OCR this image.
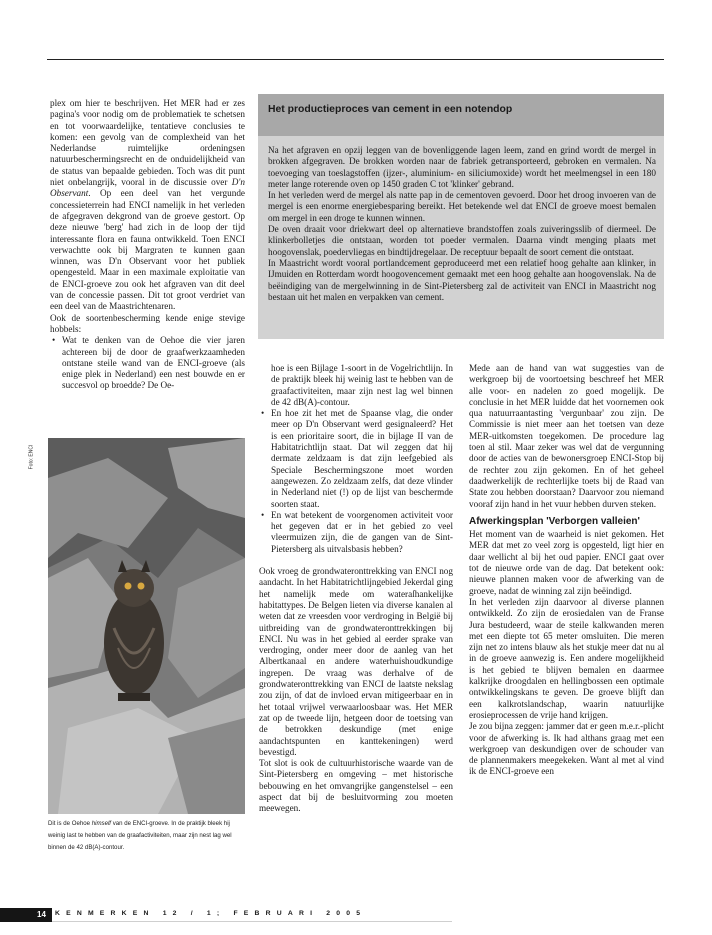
plex om hier te beschrijven. Het MER had er zes pagina's voor nodig om de problematiek te schetsen en tot voorwaardelijke, tentatieve conclusies te komen: een gevolg van de complexheid van het Nederlandse ruimtelijke ordeningsen natuurbeschermingsrecht en de onduidelijkheid van de status van bepaalde gebieden. Toch was dit punt niet onbelangrijk, vooral in de discussie over D'n Observant. Op een deel van het vergunde concessieterrein had ENCI namelijk in het verleden de afgegraven dekgrond van de groeve gestort. Op deze nieuwe 'berg' had zich in de loop der tijd interessante flora en fauna ontwikkeld. Toen ENCI verwachtte ook bij Margraten te kunnen gaan winnen, was D'n Observant voor het publiek opengesteld. Maar in een maximale exploitatie van de ENCI-groeve zou ook het afgraven van dit deel van de concessie passen. Dit tot groot verdriet van een deel van de Maastrichtenaren.

Ook de soortenbescherming kende enige stevige hobbels:

• Wat te denken van de Oehoe die vier jaren achtereen bij de door de graafwerkzaamheden ontstane steile wand van de ENCI-groeve (als enige plek in Nederland) een nest bouwde en er succesvol op broedde? De Oe-
Het productieproces van cement in een notendop

Na het afgraven en opzij leggen van de bovenliggende lagen leem, zand en grind wordt de mergel in brokken afgegraven. De brokken worden naar de fabriek getransporteerd, gebroken en vermalen. Na toevoeging van toeslagstoffen (ijzer-, aluminium- en siliciumoxide) wordt het meelmengsel in een 180 meter lange roterende oven op 1450 graden C tot 'klinker' gebrand.

In het verleden werd de mergel als natte pap in de cementoven gevoerd. Door het droog invoeren van de mergel is een enorme energiebesparing bereikt. Het betekende wel dat ENCI de groeve moest bemalen om mergel in een droge te kunnen winnen.

De oven draait voor driekwart deel op alternatieve brandstoffen zoals zuiveringsslib of diermeel. De klinkerbolletjes die ontstaan, worden tot poeder vermalen. Daarna vindt menging plaats met hoogovenslak, poedervliegas en bindtijdregelaar. De receptuur bepaalt de soort cement die ontstaat.

In Maastricht wordt vooral portlandcement geproduceerd met een relatief hoog gehalte aan klinker, in IJmuiden en Rotterdam wordt hoogovencement gemaakt met een hoog gehalte aan hoogovenslak. Na de beëindiging van de mergelwinning in de Sint-Pietersberg zal de activiteit van ENCI in Maastricht nog bestaan uit het malen en verpakken van cement.

Foto: ENCI
Dit is de Oehoe himself van de ENCI-groeve. In de praktijk bleek hij weinig last te hebben van de graafactiviteiten, maar zijn nest lag wel binnen de 42 dB(A)-contour.

hoe is een Bijlage 1-soort in de Vogelrichtlijn. In de praktijk bleek hij weinig last te hebben van de graafactiviteiten, maar zijn nest lag wel binnen de 42 dB(A)-contour.

• En hoe zit het met de Spaanse vlag, die onder meer op D'n Observant werd gesignaleerd? Het is een prioritaire soort, die in bijlage II van de Habitatrichtlijn staat. Dat wil zeggen dat hij dermate zeldzaam is dat zijn leefgebied als Speciale Beschermingszone moet worden aangewezen. Zo zeldzaam zelfs, dat deze vlinder in Nederland niet (!) op de lijst van beschermde soorten staat.
• En wat betekent de voorgenomen activiteit voor het gegeven dat er in het gebied zo veel vleermuizen zijn, die de gangen van de Sint-Pietersberg als uitvalsbasis hebben?

Ook vroeg de grondwateronttrekking van ENCI nog aandacht. In het Habitatrichtlijngebied Jekerdal ging het namelijk mede om wateraſhankelijke habitattypes. De Belgen lieten via diverse kanalen al weten dat ze vreesden voor verdroging in België bij uitbreiding van de grondwateronttrekkingen bij ENCI. Nu was in het gebied al eerder sprake van verdroging, onder meer door de aanleg van het Albertkanaal en andere waterhuishoudkundige ingrepen. De vraag was derhalve of de grondwateronttrekking van ENCI de laatste nekslag zou zijn, of dat de invloed ervan mitigeerbaar en in het totaal vrijwel verwaarloosbaar was. Het MER zat op de tweede lijn, hetgeen door de toetsing van de betrokken deskundige (met enige aandachtspunten en kanttekeningen) werd bevestigd.

Tot slot is ook de cultuurhistorische waarde van de Sint-Pietersberg en omgeving – met historische bebouwing en het omvangrijke gangenstelsel – een aspect dat bij de besluitvorming zou moeten meewegen.

Mede aan de hand van wat suggesties van de werkgroep bij de voortoetsing beschreef het MER alle voor- en nadelen zo goed mogelijk. De conclusie in het MER luidde dat het voornemen ook qua natuurraantasting 'vergunbaar' zou zijn. De Commissie is niet meer aan het toetsen van deze MER-uitkomsten toegekomen. De procedure lag toen al stil. Maar zeker was wel dat de vergunning door de acties van de bewonersgroep ENCI-Stop bij de rechter zou zijn gekomen. En of het geheel daadwerkelijk de rechterlijke toets bij de Raad van State zou hebben doorstaan? Daarvoor zou niemand vooraf zijn hand in het vuur hebben durven steken.

Afwerkingsplan 'Verborgen valleien'

Het moment van de waarheid is niet gekomen. Het MER dat met zo veel zorg is opgesteld, ligt hier en daar wellicht al bij het oud papier. ENCI gaat over tot de nieuwe orde van de dag. Dat betekent ook: nieuwe plannen maken voor de afwerking van de groeve, nadat de winning zal zijn beëindigd.

In het verleden zijn daarvoor al diverse plannen ontwikkeld. Zo zijn de erosiedalen van de Franse Jura bestudeerd, waar de steile kalkwanden meren met een diepte tot 65 meter omsluiten. Die meren zijn net zo intens blauw als het stukje meer dat nu al in de groeve aanwezig is. Een andere mogelijkheid is het gebied te blijven bemalen en daarmee kalkrijke droogdalen en hellingbossen een optimale ontwikkelingskans te geven. De groeve blijft dan een kalkrotslandschap, waarin natuurlijke erosieprocessen de vrije hand krijgen.

Je zou bijna zeggen: jammer dat er geen m.e.r.-plicht voor de afwerking is. Ik had althans graag met een werkgroep van deskundigen over de schouder van de plannenmakers meegekeken. Want al met al vind ik de ENCI-groeve een

14 KENMERKEN 12 / 1; FEBRUARI 2005
